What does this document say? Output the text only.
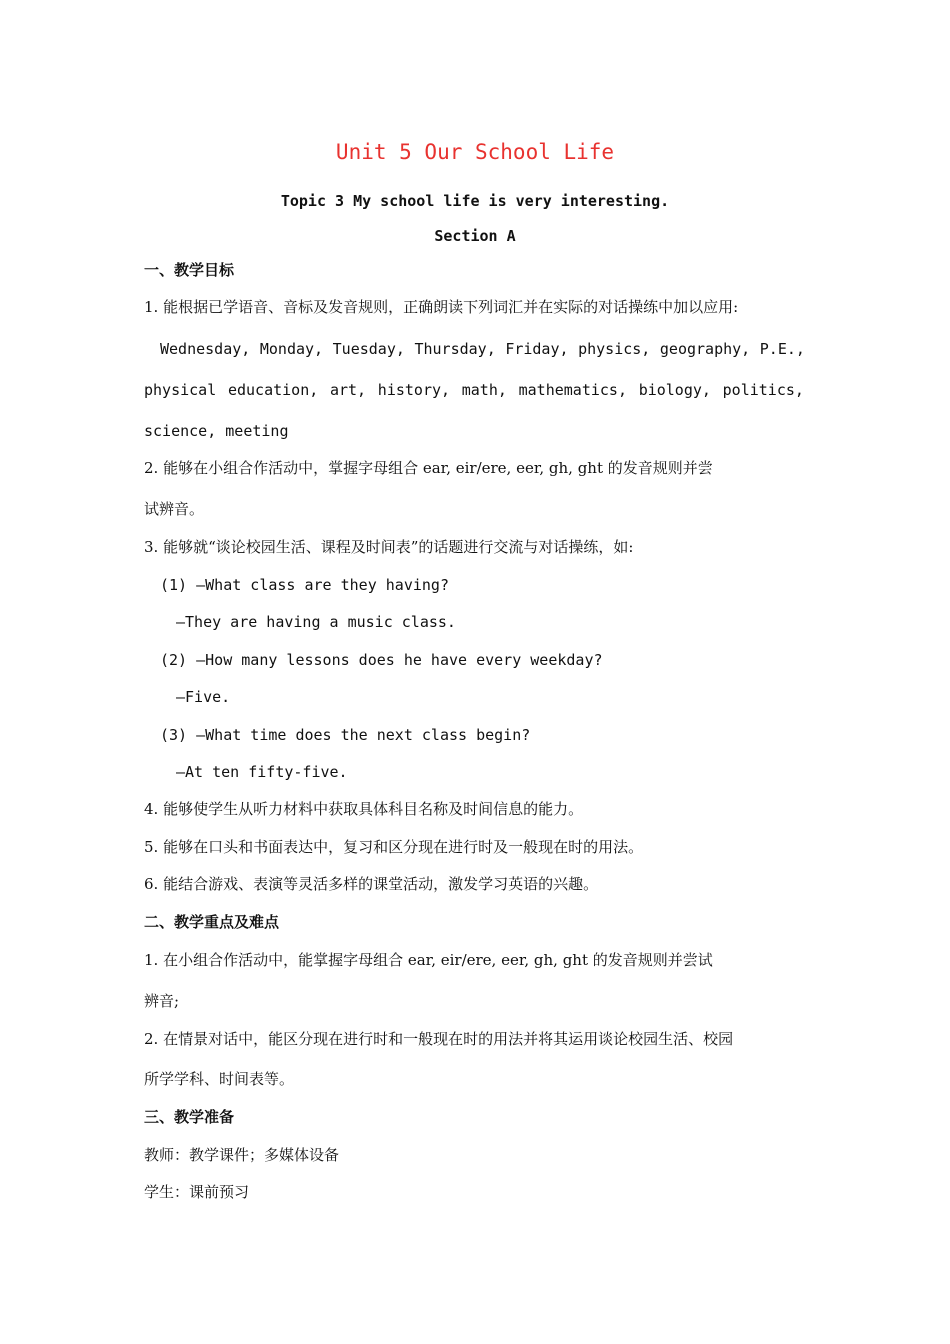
Unit 5 Our School Life
Topic 3 My school life is very interesting.
Section A
一、教学目标
1. 能根据已学语音、音标及发音规则，正确朗读下列词汇并在实际的对话操练中加以应用:
Wednesday, Monday, Tuesday, Thursday, Friday, physics, geography, P.E.,
physical education, art, history, math, mathematics, biology, politics,
science, meeting
2. 能够在小组合作活动中，掌握字母组合 ear, eir/ere, eer, gh, ght 的发音规则并尝
试辨音。
3. 能够就“谈论校园生活、课程及时间表”的话题进行交流与对话操练，如:
(1) —What class are they having?
—They are having a music class.
(2) —How many lessons does he have every weekday?
—Five.
(3) —What time does the next class begin?
—At ten fifty-five.
4. 能够使学生从听力材料中获取具体科目名称及时间信息的能力。
5. 能够在口头和书面表达中，复习和区分现在进行时及一般现在时的用法。
6. 能结合游戏、表演等灵活多样的课堂活动，激发学习英语的兴趣。
二、教学重点及难点
1. 在小组合作活动中，能掌握字母组合 ear, eir/ere, eer, gh, ght 的发音规则并尝试
辨音;
2. 在情景对话中，能区分现在进行时和一般现在时的用法并将其运用谈论校园生活、校园
所学学科、时间表等。
三、教学准备
教师：教学课件；多媒体设备
学生：课前预习
